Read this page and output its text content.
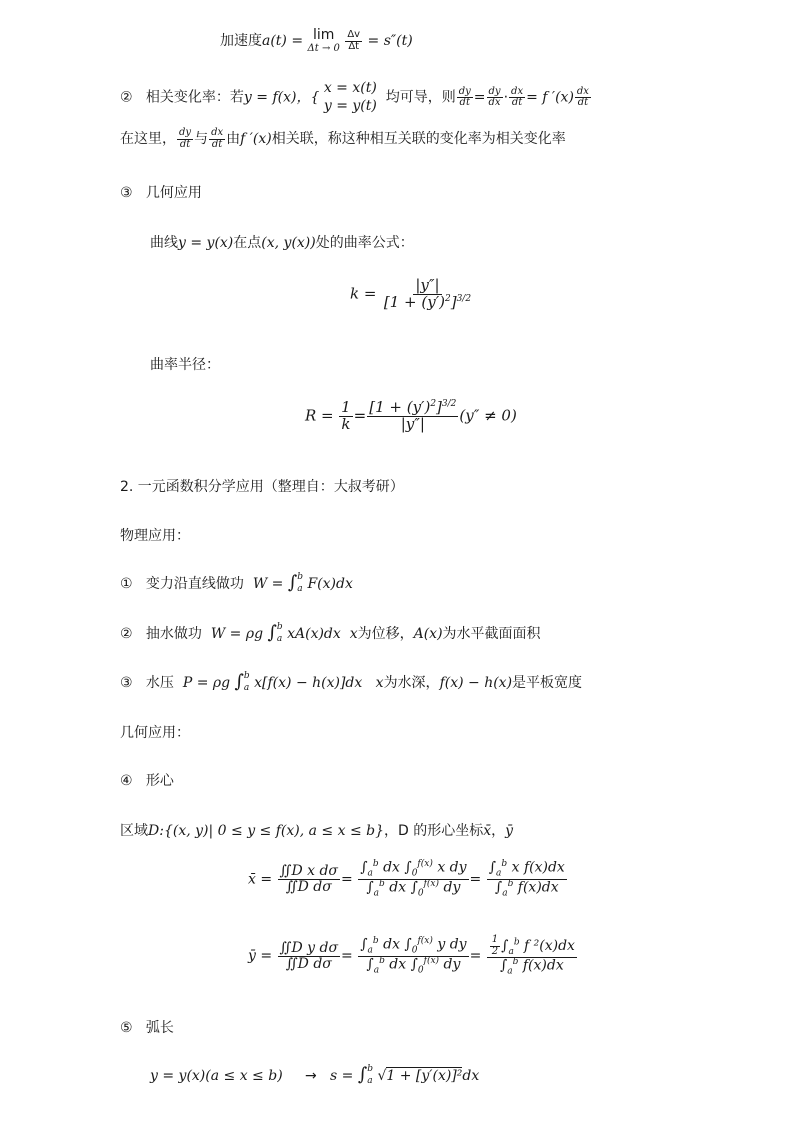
加速度a(t) = lim
Δt → 0
$\frac{\Delta v}{\Delta t} = s''(t)$
② 相关变化率：若y = f(x)，{
x = x(t)
y = y(t) 均可导，则 $\frac{dy}{dt} = \frac{dy}{dx} \cdot \frac{dx}{dt} = f$ $'(x) \frac{dx}{dt}$
在这里， $\frac{dy}{dt}$ 与 $\frac{dx}{dt}$ 由f ′(x)相关联，称这种相互关联的变化率为相关变化率
③ 几何应用
曲线y = y(x)在点(x, y(x))处的曲率公式：
$k = \frac{|y''|}{[1 + (y')^2]^{3/2}}$
曲率半径：
$R = \frac{1}{k} = \frac{[1 + (y')^2]^{3/2}}{|y''|} (y'' \ne 0)$
2. 一元函数积分学应用（整理自：大叔考研）
物理应用：
① 变力沿直线做功 W = ∫ b
a F(x)dx
② 抽水做功 W = ρg ∫ b
a xA(x)dx x为位移，A(x)为水平截面面积
③ 水压 P = ρg ∫ b
a x[f(x) − h(x)]dx x为水深，f(x) − h(x)是平板宽度
几何应用：
④ 形心
区域D:{(x, y)| 0 ≤ y ≤ f(x), a ≤ x ≤ b}，D 的形心坐标x̄，ȳ
x̄ = $\frac{\text{∬D x dσ}}{\text{∬D dσ}} = \frac{\int_a^b dx \int_0^{f(x)} x dy}{\int_a^b dx \int_0^{f(x)} dy} = \frac{\int_a^b x f(x)dx}{\int_a^b f(x)dx}$
ȳ = $\frac{\text{∬D y dσ}}{\text{∬D dσ}} = \frac{\int_a^b dx \int_0^{f(x)} y dy}{\int_a^b dx \int_0^{f(x)} dy} = \frac{\frac{1}{2} \int_a^b f ^2(x)dx}{\int_a^b f(x)dx}$
⑤ 弧长
y = y(x)(a ≤ x ≤ b) → s = ∫ b
a √1 + [y′(x)]²dx
